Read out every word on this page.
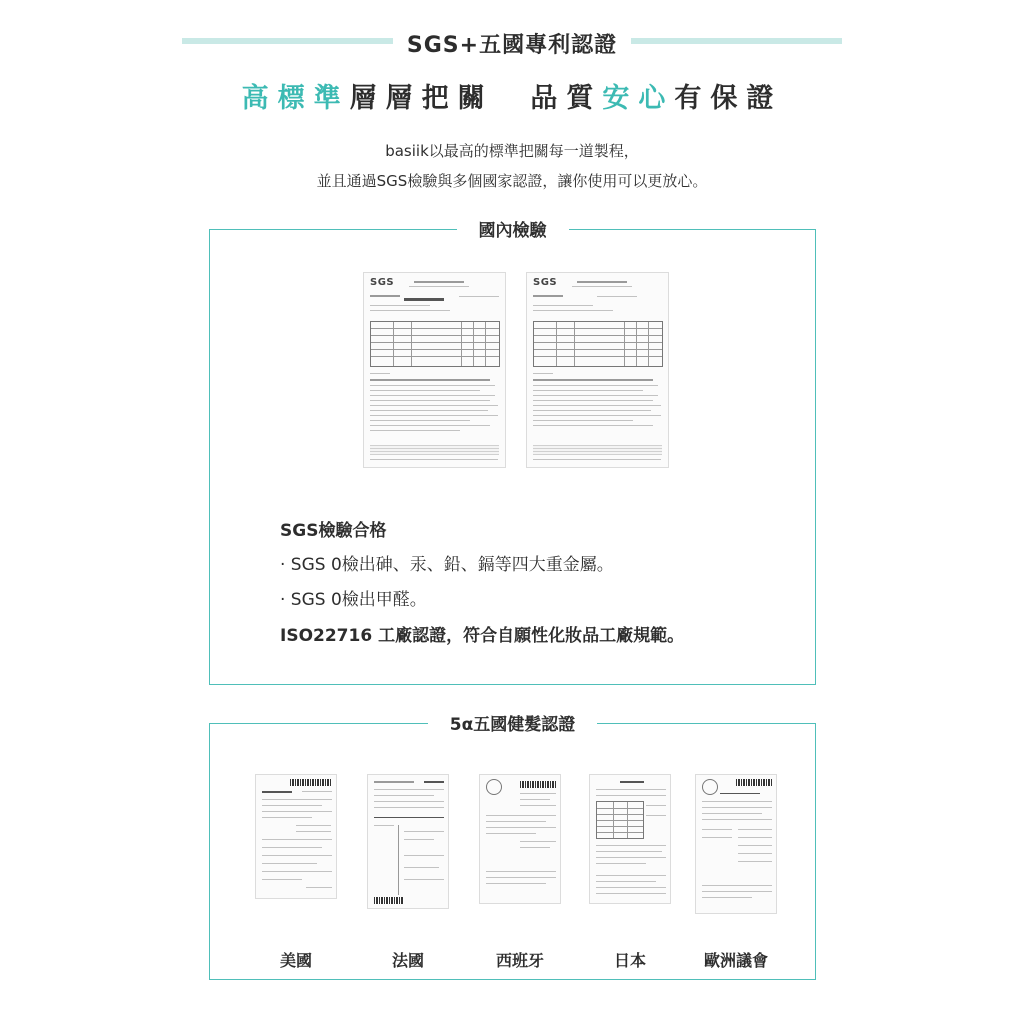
SGS+五國專利認證
高標準層層把關 品質安心有保證
basiik以最高的標準把關每一道製程，
並且通過SGS檢驗與多個國家認證，讓你使用可以更放心。
國內檢驗
SGS	SGS
SGS檢驗合格
· SGS 0檢出砷、汞、鉛、鎘等四大重金屬。
· SGS 0檢出甲醛。
ISO22716 工廠認證，符合自願性化妝品工廠規範。
5α五國健髮認證
美國	法國	西班牙	日本	歐洲議會
